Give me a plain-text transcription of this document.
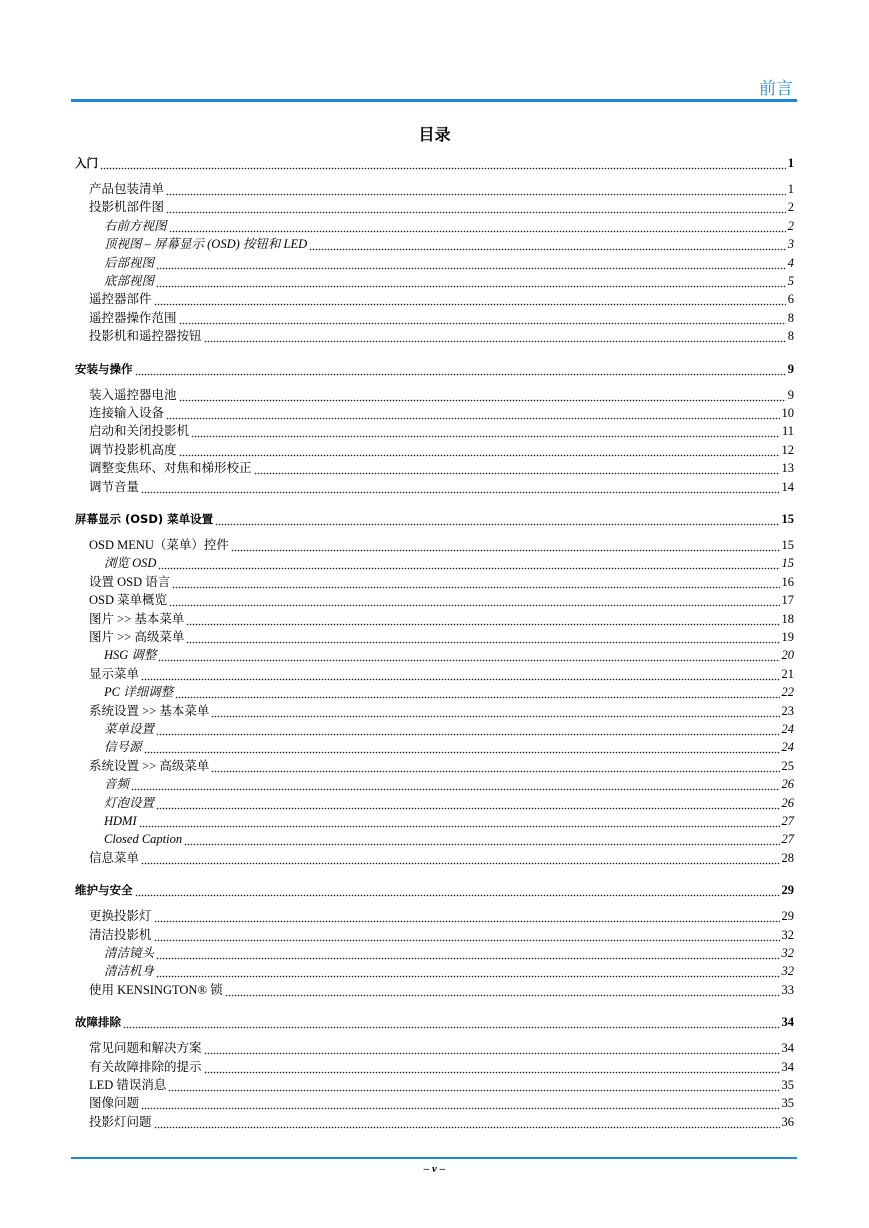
前言
目录
入门	1
产品包装清单	1
投影机部件图	2
右前方视图	2
顶视图 – 屏幕显示 (OSD) 按钮和 LED	3
后部视图	4
底部视图	5
遥控器部件	6
遥控器操作范围	8
投影机和遥控器按钮	8
安装与操作	9
装入遥控器电池	9
连接输入设备	10
启动和关闭投影机	11
调节投影机高度	12
调整变焦环、对焦和梯形校正	13
调节音量	14
屏幕显示 (OSD) 菜单设置	15
OSD MENU（菜单）控件	15
浏览 OSD	15
设置 OSD 语言	16
OSD 菜单概览	17
图片 >> 基本菜单	18
图片 >> 高级菜单	19
HSG 调整	20
显示菜单	21
PC 详细调整	22
系统设置 >> 基本菜单	23
菜单设置	24
信号源	24
系统设置 >> 高级菜单	25
音频	26
灯泡设置	26
HDMI	27
Closed Caption	27
信息菜单	28
维护与安全	29
更换投影灯	29
清洁投影机	32
清洁镜头	32
清洁机身	32
使用 KENSINGTON® 锁	33
故障排除	34
常见问题和解决方案	34
有关故障排除的提示	34
LED 错误消息	35
图像问题	35
投影灯问题	36
– v –
